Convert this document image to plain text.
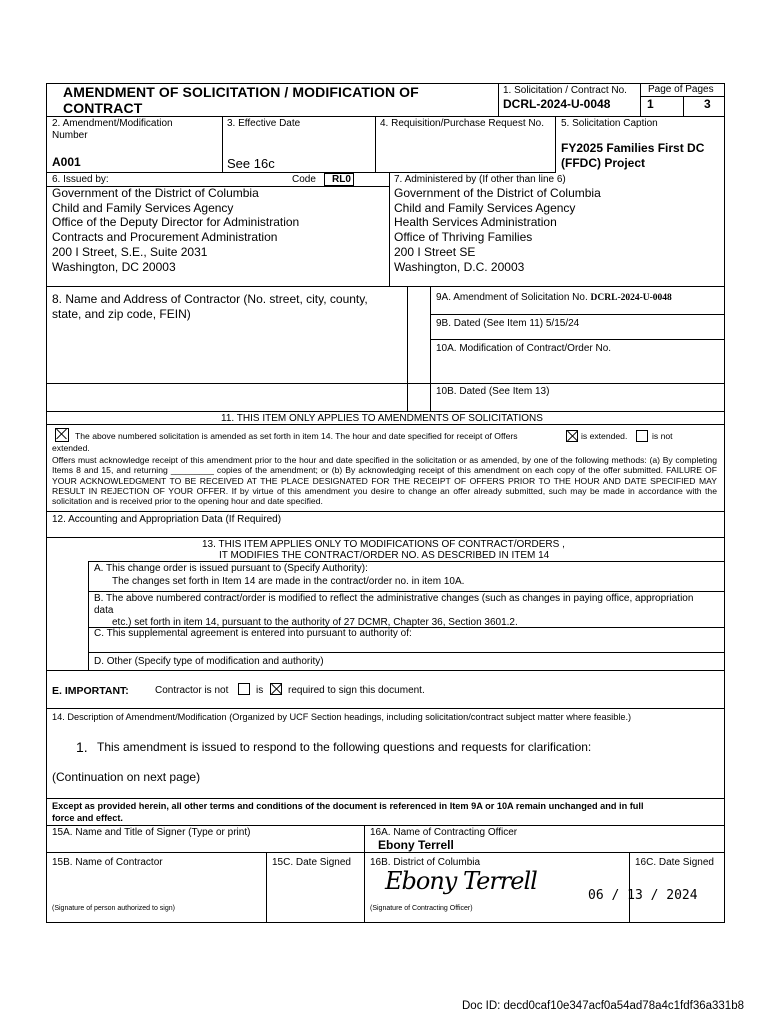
AMENDMENT OF SOLICITATION / MODIFICATION OF
CONTRACT
1. Solicitation / Contract No.
DCRL-2024-U-0048
Page of Pages
1	3
2. Amendment/Modification
Number
A001
3. Effective Date
See 16c
4. Requisition/Purchase Request No. 5. Solicitation Caption
FY2025 Families First DC
(FFDC) Project
6. Issued by:	Code RL0
Government of the District of Columbia
Child and Family Services Agency
Office of the Deputy Director for Administration
Contracts and Procurement Administration
200 I Street, S.E., Suite 2031
Washington, DC 20003
7. Administered by (If other than line 6)
Government of the District of Columbia
Child and Family Services Agency
Health Services Administration
Office of Thriving Families
200 I Street SE
Washington, D.C. 20003
8. Name and Address of Contractor (No. street, city, county,
state, and zip code, FEIN)
9A. Amendment of Solicitation No. DCRL-2024-U-0048
9B. Dated (See Item 11) 5/15/24
10A. Modification of Contract/Order No.
10B. Dated (See Item 13)
11. THIS ITEM ONLY APPLIES TO AMENDMENTS OF SOLICITATIONS
The above numbered solicitation is amended as set forth in item 14. The hour and date specified for receipt of Offers	is extended.	is not
extended.
Offers must acknowledge receipt of this amendment prior to the hour and date specified in the solicitation or as amended, by one of the following methods: (a) By completing Items 8 and 15, and returning _________ copies of the amendment; or (b) By acknowledging receipt of this amendment on each copy of the offer submitted. FAILURE OF YOUR ACKNOWLEDGMENT TO BE RECEIVED AT THE PLACE DESIGNATED FOR THE RECEIPT OF OFFERS PRIOR TO THE HOUR AND DATE SPECIFIED MAY RESULT IN REJECTION OF YOUR OFFER. If by virtue of this amendment you desire to change an offer already submitted, such may be made in accordance with the solicitation and is received prior to the opening hour and date specified.
12. Accounting and Appropriation Data (If Required)
13. THIS ITEM APPLIES ONLY TO MODIFICATIONS OF CONTRACT/ORDERS ,
IT MODIFIES THE CONTRACT/ORDER NO. AS DESCRIBED IN ITEM 14
A. This change order is issued pursuant to (Specify Authority):
The changes set forth in Item 14 are made in the contract/order no. in item 10A.
B. The above numbered contract/order is modified to reflect the administrative changes (such as changes in paying office, appropriation
data
etc.) set forth in item 14, pursuant to the authority of 27 DCMR, Chapter 36, Section 3601.2.
C. This supplemental agreement is entered into pursuant to authority of:
D. Other (Specify type of modification and authority)
E. IMPORTANT:	Contractor is not	is required to sign this document.
14. Description of Amendment/Modification (Organized by UCF Section headings, including solicitation/contract subject matter where feasible.)
1. This amendment is issued to respond to the following questions and requests for clarification:
(Continuation on next page)
Except as provided herein, all other terms and conditions of the document is referenced in Item 9A or 10A remain unchanged and in full
force and effect.
15A. Name and Title of Signer (Type or print)	16A. Name of Contracting Officer
Ebony Terrell
15B. Name of Contractor	15C. Date Signed 16B. District of Columbia	16C. Date Signed
Ebony Terrell
06 / 13 / 2024
(Signature of person authorized to sign)	(Signature of Contracting Officer)
Doc ID: decd0caf10e347acf0a54ad78a4c1fdf36a331b8
